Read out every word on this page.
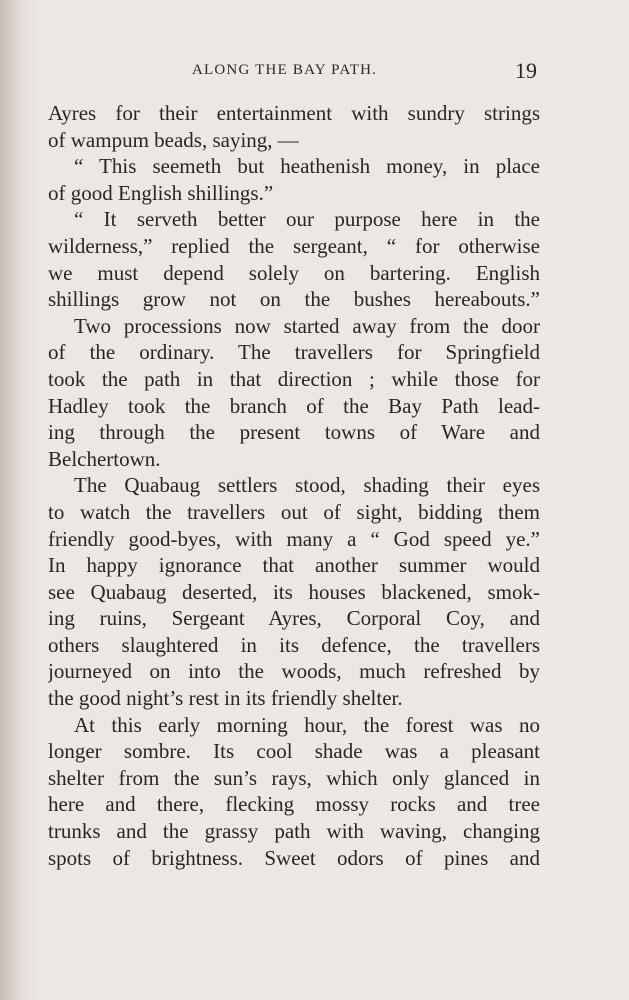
ALONG THE BAY PATH.	19
Ayres for their entertainment with sundry strings
of wampum beads, saying, —
“ This seemeth but heathenish money, in place
of good English shillings.”
“ It serveth better our purpose here in the
wilderness,” replied the sergeant, “ for otherwise
we must depend solely on bartering. English
shillings grow not on the bushes hereabouts.”
Two processions now started away from the door
of the ordinary. The travellers for Springfield
took the path in that direction ; while those for
Hadley took the branch of the Bay Path lead-
ing through the present towns of Ware and
Belchertown.
The Quabaug settlers stood, shading their eyes
to watch the travellers out of sight, bidding them
friendly good-byes, with many a “ God speed ye.”
In happy ignorance that another summer would
see Quabaug deserted, its houses blackened, smok-
ing ruins, Sergeant Ayres, Corporal Coy, and
others slaughtered in its defence, the travellers
journeyed on into the woods, much refreshed by
the good night’s rest in its friendly shelter.
At this early morning hour, the forest was no
longer sombre. Its cool shade was a pleasant
shelter from the sun’s rays, which only glanced in
here and there, flecking mossy rocks and tree
trunks and the grassy path with waving, changing
spots of brightness. Sweet odors of pines and
